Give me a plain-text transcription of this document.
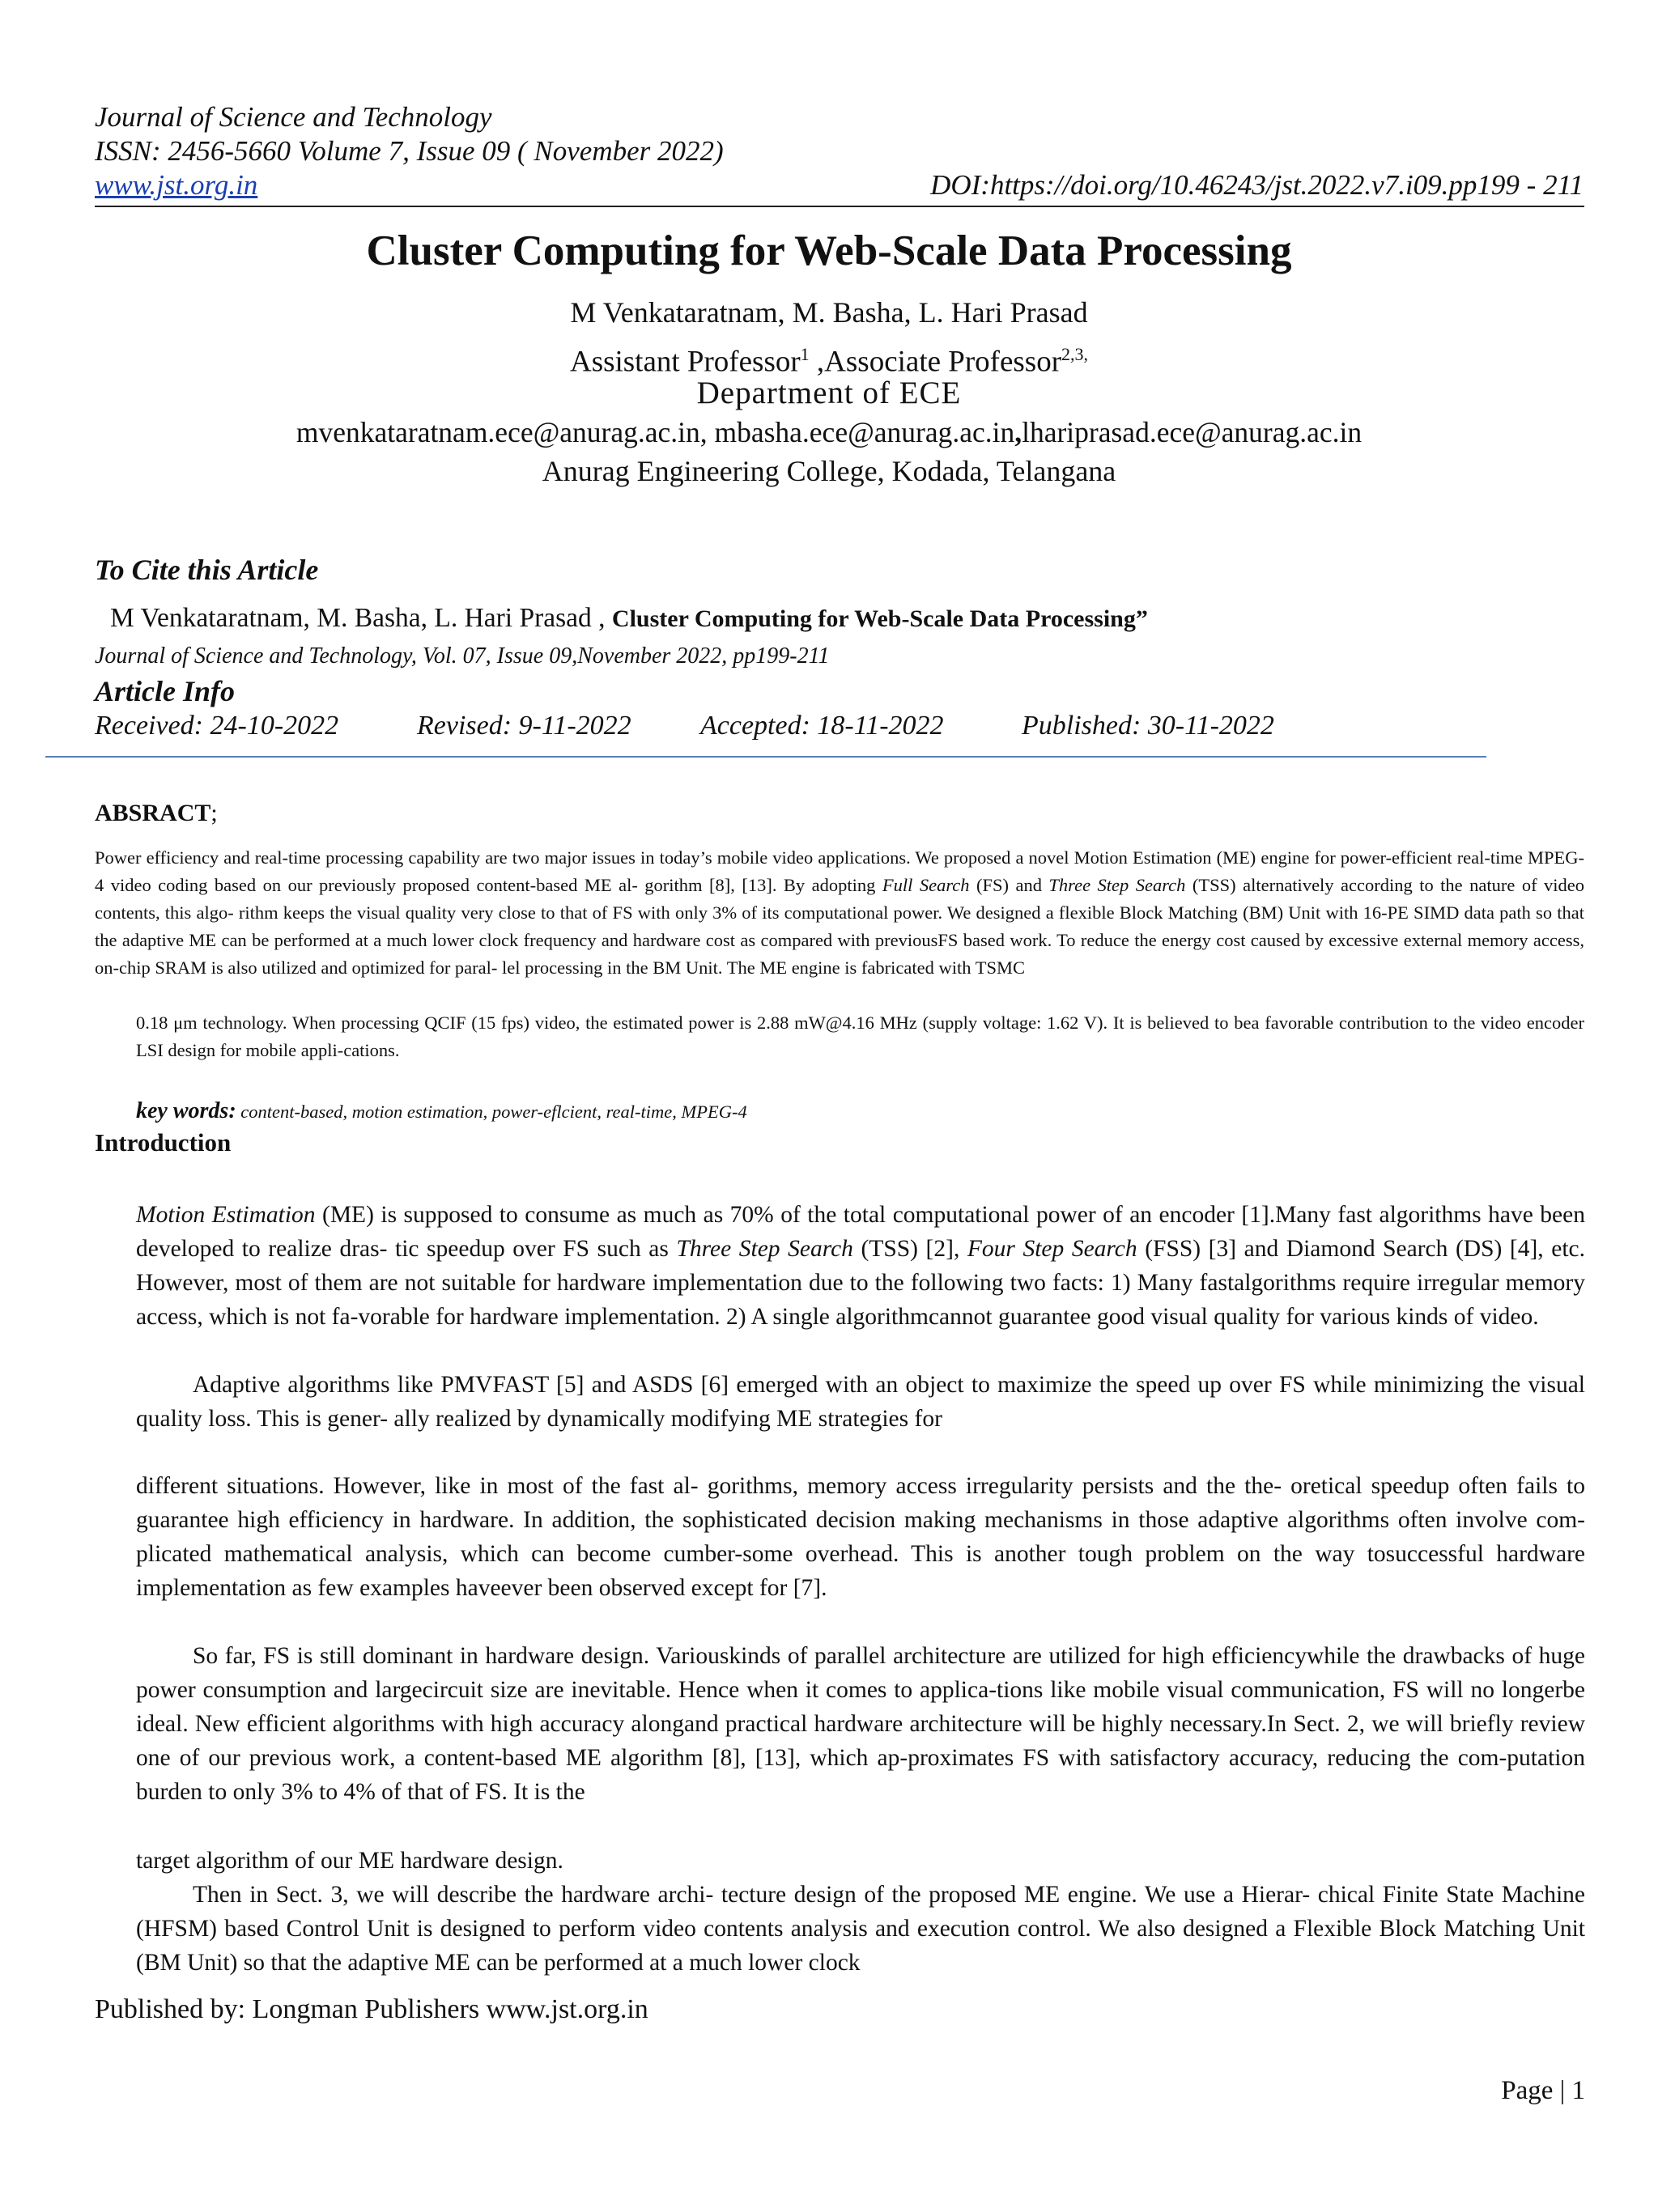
Journal of Science and Technology
ISSN: 2456-5660 Volume 7, Issue 09 ( November 2022)
www.jst.org.in	DOI:https://doi.org/10.46243/jst.2022.v7.i09.pp199 - 211
Cluster Computing for Web-Scale Data Processing
M Venkataratnam, M. Basha, L. Hari Prasad
Assistant Professor$^1$ ,Associate Professor$^{2,3,}$
Department of ECE
mvenkataratnam.ece@anurag.ac.in, mbasha.ece@anurag.ac.in,lhariprasad.ece@anurag.ac.in
Anurag Engineering College, Kodada, Telangana
To Cite this Article
M Venkataratnam, M. Basha, L. Hari Prasad , Cluster Computing for Web-Scale Data Processing”
Journal of Science and Technology, Vol. 07, Issue 09,November 2022, pp199-211
Article Info
Received: 24-10-2022	Revised: 9-11-2022	Accepted: 18-11-2022	Published: 30-11-2022
ABSRACT;

Power efficiency and real-time processing capability are two major issues in today’s mobile video applications. We proposed a novel Motion Estimation (ME) engine for power-efficient real-time MPEG- 4 video coding based on our previously proposed content-based ME al- gorithm [8], [13]. By adopting Full Search (FS) and Three Step Search (TSS) alternatively according to the nature of video contents, this algo- rithm keeps the visual quality very close to that of FS with only 3% of its computational power. We designed a flexible Block Matching (BM) Unit with 16-PE SIMD data path so that the adaptive ME can be performed at a much lower clock frequency and hardware cost as compared with previousFS based work. To reduce the energy cost caused by excessive external memory access, on-chip SRAM is also utilized and optimized for paral- lel processing in the BM Unit. The ME engine is fabricated with TSMC

0.18 μm technology. When processing QCIF (15 fps) video, the estimated power is 2.88 mW@4.16 MHz (supply voltage: 1.62 V). It is believed to bea favorable contribution to the video encoder LSI design for mobile appli-cations.

key words: content-based, motion estimation, power-eflcient, real-time, MPEG-4
Introduction

Motion Estimation (ME) is supposed to consume as much as 70% of the total computational power of an encoder [1].Many fast algorithms have been developed to realize dras- tic speedup over FS such as Three Step Search (TSS) [2], Four Step Search (FSS) [3] and Diamond Search (DS) [4], etc. However, most of them are not suitable for hardware implementation due to the following two facts: 1) Many fastalgorithms require irregular memory access, which is not fa-vorable for hardware implementation. 2) A single algorithmcannot guarantee good visual quality for various kinds of video.

Adaptive algorithms like PMVFAST [5] and ASDS [6] emerged with an object to maximize the speed up over FS while minimizing the visual quality loss. This is gener- ally realized by dynamically modifying ME strategies for

different situations. However, like in most of the fast al- gorithms, memory access irregularity persists and the the- oretical speedup often fails to guarantee high efficiency in hardware. In addition, the sophisticated decision making mechanisms in those adaptive algorithms often involve com- plicated mathematical analysis, which can become cumber-some overhead. This is another tough problem on the way tosuccessful hardware implementation as few examples haveever been observed except for [7].

So far, FS is still dominant in hardware design. Variouskinds of parallel architecture are utilized for high efficiencywhile the drawbacks of huge power consumption and largecircuit size are inevitable. Hence when it comes to applica-tions like mobile visual communication, FS will no longerbe ideal. New efficient algorithms with high accuracy alongand practical hardware architecture will be highly necessary.In Sect. 2, we will briefly review one of our previous work, a content-based ME algorithm [8], [13], which ap-proximates FS with satisfactory accuracy, reducing the com-putation burden to only 3% to 4% of that of FS. It is the

target algorithm of our ME hardware design.

Then in Sect. 3, we will describe the hardware archi- tecture design of the proposed ME engine. We use a Hierar- chical Finite State Machine (HFSM) based Control Unit is designed to perform video contents analysis and execution control. We also designed a Flexible Block Matching Unit (BM Unit) so that the adaptive ME can be performed at a much lower clock

Published by: Longman Publishers www.jst.org.in
Page | 1
